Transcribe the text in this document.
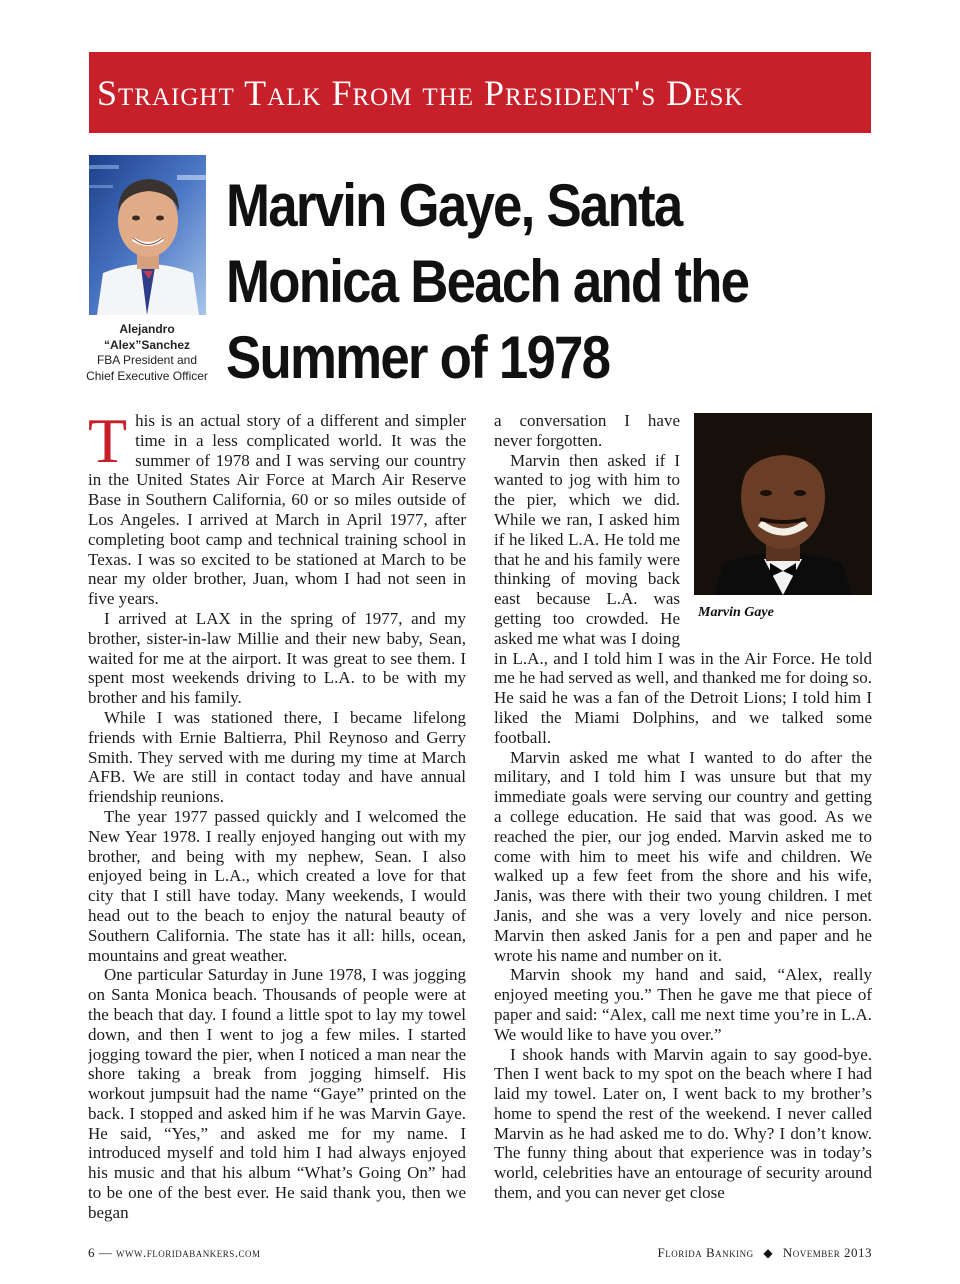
Straight Talk From the President's Desk
Alejandro
“Alex”Sanchez
FBA President and
Chief Executive Officer
Marvin Gaye, Santa Monica Beach and the Summer of 1978
T his is an actual story of a different and simpler time in a less complicated world. It was the summer of 1978 and I was serving our country in the United States Air Force at March Air Reserve Base in Southern California, 60 or so miles outside of Los Angeles. I arrived at March in April 1977, after completing boot camp and technical training school in Texas. I was so excited to be stationed at March to be near my older brother, Juan, whom I had not seen in five years.

I arrived at LAX in the spring of 1977, and my brother, sister-in-law Millie and their new baby, Sean, waited for me at the airport. It was great to see them. I spent most weekends driving to L.A. to be with my brother and his family.

While I was stationed there, I became lifelong friends with Ernie Baltierra, Phil Reynoso and Gerry Smith. They served with me during my time at March AFB. We are still in contact today and have annual friendship reunions.

The year 1977 passed quickly and I welcomed the New Year 1978. I really enjoyed hanging out with my brother, and being with my nephew, Sean. I also enjoyed being in L.A., which created a love for that city that I still have today. Many weekends, I would head out to the beach to enjoy the natural beauty of Southern California. The state has it all: hills, ocean, mountains and great weather.

One particular Saturday in June 1978, I was jogging on Santa Monica beach. Thousands of people were at the beach that day. I found a little spot to lay my towel down, and then I went to jog a few miles. I started jogging toward the pier, when I noticed a man near the shore taking a break from jogging himself. His workout jumpsuit had the name “Gaye” printed on the back. I stopped and asked him if he was Marvin Gaye. He said, “Yes,” and asked me for my name. I introduced myself and told him I had always enjoyed his music and that his album “What’s Going On” had to be one of the best ever. He said thank you, then we began

Marvin Gaye

a conversation I have never forgotten.

Marvin then asked if I wanted to jog with him to the pier, which we did. While we ran, I asked him if he liked L.A. He told me that he and his family were thinking of moving back east because L.A. was getting too crowded. He asked me what was I doing in L.A., and I told him I was in the Air Force. He told me he had served as well, and thanked me for doing so. He said he was a fan of the Detroit Lions; I told him I liked the Miami Dolphins, and we talked some football.

Marvin asked me what I wanted to do after the military, and I told him I was unsure but that my immediate goals were serving our country and getting a college education. He said that was good. As we reached the pier, our jog ended. Marvin asked me to come with him to meet his wife and children. We walked up a few feet from the shore and his wife, Janis, was there with their two young children. I met Janis, and she was a very lovely and nice person. Marvin then asked Janis for a pen and paper and he wrote his name and number on it.

Marvin shook my hand and said, “Alex, really enjoyed meeting you.” Then he gave me that piece of paper and said: “Alex, call me next time you’re in L.A. We would like to have you over.”

I shook hands with Marvin again to say good-bye. Then I went back to my spot on the beach where I had laid my towel. Later on, I went back to my brother’s home to spend the rest of the weekend. I never called Marvin as he had asked me to do. Why? I don’t know. The funny thing about that experience was in today’s world, celebrities have an entourage of security around them, and you can never get close

6 — www.floridabankers.com	Florida Banking ◆ November 2013
